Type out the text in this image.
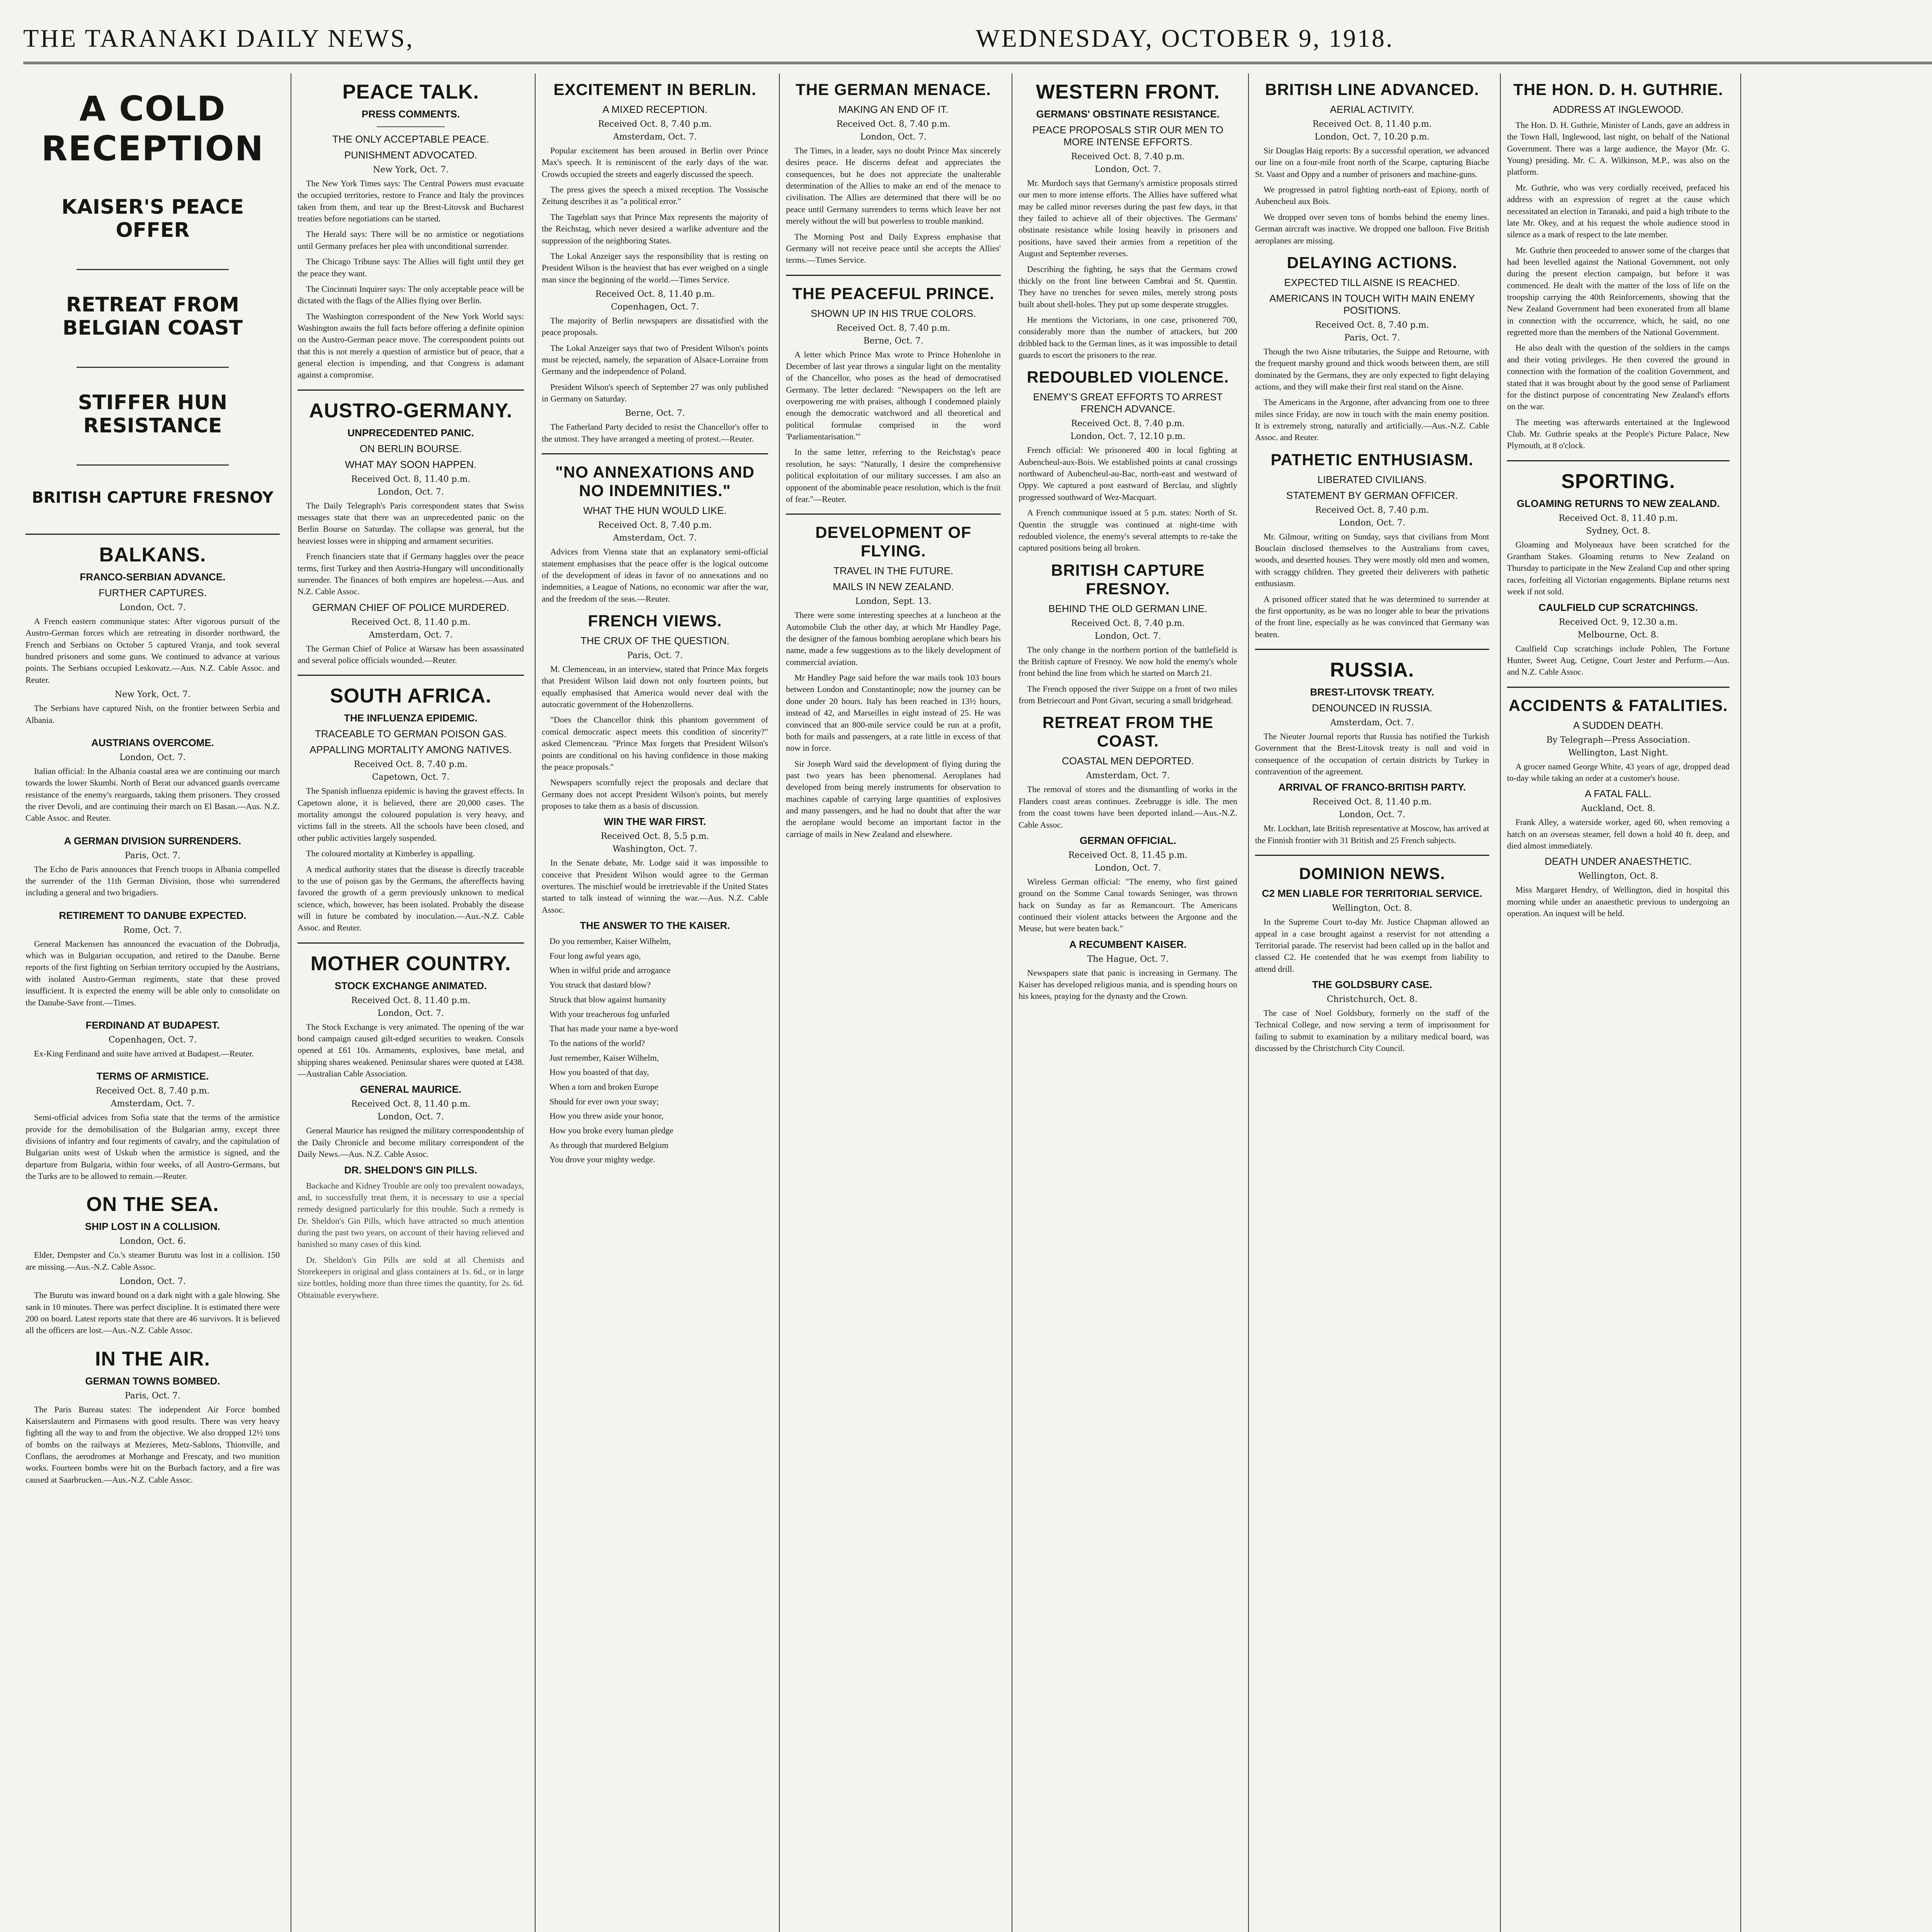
THE TARANAKI DAILY NEWS,	WEDNESDAY, OCTOBER 9, 1918.
A COLD RECEPTION
KAISER'S PEACE OFFER
RETREAT FROM BELGIAN COAST
STIFFER HUN RESISTANCE
BRITISH CAPTURE FRESNOY
BALKANS.
FRANCO-SERBIAN ADVANCE.
FURTHER CAPTURES.
London, Oct. 7.

A French eastern communique states: After vigorous pursuit of the Austro-German forces which are retreating in disorder northward, the French and Serbians on October 5 captured Vranja, and took several hundred prisoners and some guns. We continued to advance at various points. The Serbians occupied Leskovatz.—Aus. N.Z. Cable Assoc. and Reuter.

New York, Oct. 7.

The Serbians have captured Nish, on the frontier between Serbia and Albania.

AUSTRIANS OVERCOME.
London, Oct. 7.

Italian official: In the Albania coastal area we are continuing our march towards the lower Skumbi. North of Berat our advanced guards overcame resistance of the enemy's rearguards, taking them prisoners. They crossed the river Devoli, and are continuing their march on El Basan.—Aus. N.Z. Cable Assoc. and Reuter.

A GERMAN DIVISION SURRENDERS.
Paris, Oct. 7.

The Echo de Paris announces that French troops in Albania compelled the surrender of the 11th German Division, those who surrendered including a general and two brigadiers.

RETIREMENT TO DANUBE EXPECTED.
Rome, Oct. 7.

General Mackensen has announced the evacuation of the Dobrudja, which was in Bulgarian occupation, and retired to the Danube. Berne reports of the first fighting on Serbian territory occupied by the Austrians, with isolated Austro-German regiments, state that these proved insufficient. It is expected the enemy will be able only to consolidate on the Danube-Save front.—Times.

FERDINAND AT BUDAPEST.
Copenhagen, Oct. 7.

Ex-King Ferdinand and suite have arrived at Budapest.—Reuter.

TERMS OF ARMISTICE.
Received Oct. 8, 7.40 p.m.
Amsterdam, Oct. 7.

Semi-official advices from Sofia state that the terms of the armistice provide for the demobilisation of the Bulgarian army, except three divisions of infantry and four regiments of cavalry, and the capitulation of Bulgarian units west of Uskub when the armistice is signed, and the departure from Bulgaria, within four weeks, of all Austro-Germans, but the Turks are to be allowed to remain.—Reuter.

ON THE SEA.
SHIP LOST IN A COLLISION.
London, Oct. 6.

Elder, Dempster and Co.'s steamer Burutu was lost in a collision. 150 are missing.—Aus.-N.Z. Cable Assoc.

London, Oct. 7.

The Burutu was inward bound on a dark night with a gale blowing. She sank in 10 minutes. There was perfect discipline. It is estimated there were 200 on board. Latest reports state that there are 46 survivors. It is believed all the officers are lost.—Aus.-N.Z. Cable Assoc.

IN THE AIR.
GERMAN TOWNS BOMBED.
Paris, Oct. 7.

The Paris Bureau states: The independent Air Force bombed Kaiserslautern and Pirmasens with good results. There was very heavy fighting all the way to and from the objective. We also dropped 12½ tons of bombs on the railways at Mezieres, Metz-Sablons, Thionville, and Conflans, the aerodromes at Morhange and Frescaty, and two munition works. Fourteen bombs were hit on the Burbach factory, and a fire was caused at Saarbrucken.—Aus.-N.Z. Cable Assoc.

PEACE TALK.
PRESS COMMENTS.
THE ONLY ACCEPTABLE PEACE.
PUNISHMENT ADVOCATED.
New York, Oct. 7.

The New York Times says: The Central Powers must evacuate the occupied territories, restore to France and Italy the provinces taken from them, and tear up the Brest-Litovsk and Bucharest treaties before negotiations can be started.

The Herald says: There will be no armistice or negotiations until Germany prefaces her plea with unconditional surrender.

The Chicago Tribune says: The Allies will fight until they get the peace they want.

The Cincinnati Inquirer says: The only acceptable peace will be dictated with the flags of the Allies flying over Berlin.

The Washington correspondent of the New York World says: Washington awaits the full facts before offering a definite opinion on the Austro-German peace move. The correspondent points out that this is not merely a question of armistice but of peace, that a general election is impending, and that Congress is adamant against a compromise.

AUSTRO-GERMANY.
UNPRECEDENTED PANIC.
ON BERLIN BOURSE.
WHAT MAY SOON HAPPEN.
Received Oct. 8, 11.40 p.m.
London, Oct. 7.

The Daily Telegraph's Paris correspondent states that Swiss messages state that there was an unprecedented panic on the Berlin Bourse on Saturday. The collapse was general, but the heaviest losses were in shipping and armament securities.

French financiers state that if Germany haggles over the peace terms, first Turkey and then Austria-Hungary will unconditionally surrender. The finances of both empires are hopeless.—Aus. and N.Z. Cable Assoc.

GERMAN CHIEF OF POLICE MURDERED.
Received Oct. 8, 11.40 p.m.
Amsterdam, Oct. 7.

The German Chief of Police at Warsaw has been assassinated and several police officials wounded.—Reuter.

SOUTH AFRICA.
THE INFLUENZA EPIDEMIC.
TRACEABLE TO GERMAN POISON GAS.
APPALLING MORTALITY AMONG NATIVES.
Received Oct. 8, 7.40 p.m.
Capetown, Oct. 7.

The Spanish influenza epidemic is having the gravest effects. In Capetown alone, it is believed, there are 20,000 cases. The mortality amongst the coloured population is very heavy, and victims fall in the streets. All the schools have been closed, and other public activities largely suspended.

The coloured mortality at Kimberley is appalling.

A medical authority states that the disease is directly traceable to the use of poison gas by the Germans, the aftereffects having favored the growth of a germ previously unknown to medical science, which, however, has been isolated. Probably the disease will in future be combated by inoculation.—Aus.-N.Z. Cable Assoc. and Reuter.

MOTHER COUNTRY.
STOCK EXCHANGE ANIMATED.
Received Oct. 8, 11.40 p.m.
London, Oct. 7.

The Stock Exchange is very animated. The opening of the war bond campaign caused gilt-edged securities to weaken. Consols opened at £61 10s. Armaments, explosives, base metal, and shipping shares weakened. Peninsular shares were quoted at £438.—Australian Cable Association.

GENERAL MAURICE.
Received Oct. 8, 11.40 p.m.
London, Oct. 7.

General Maurice has resigned the military correspondentship of the Daily Chronicle and become military correspondent of the Daily News.—Aus. N.Z. Cable Assoc.

DR. SHELDON'S GIN PILLS.

Backache and Kidney Trouble are only too prevalent nowadays, and, to successfully treat them, it is necessary to use a special remedy designed particularly for this trouble. Such a remedy is Dr. Sheldon's Gin Pills, which have attracted so much attention during the past two years, on account of their having relieved and banished so many cases of this kind.

Dr. Sheldon's Gin Pills are sold at all Chemists and Storekeepers in original and glass containers at 1s. 6d., or in large size bottles, holding more than three times the quantity, for 2s. 6d. Obtainable everywhere.

EXCITEMENT IN BERLIN.
A MIXED RECEPTION.
Received Oct. 8, 7.40 p.m.
Amsterdam, Oct. 7.

Popular excitement has been aroused in Berlin over Prince Max's speech. It is reminiscent of the early days of the war. Crowds occupied the streets and eagerly discussed the speech.

The press gives the speech a mixed reception. The Vossische Zeitung describes it as "a political error."

The Tageblatt says that Prince Max represents the majority of the Reichstag, which never desired a warlike adventure and the suppression of the neighboring States.

The Lokal Anzeiger says the responsibility that is resting on President Wilson is the heaviest that has ever weighed on a single man since the beginning of the world.—Times Service.

Received Oct. 8, 11.40 p.m.
Copenhagen, Oct. 7.

The majority of Berlin newspapers are dissatisfied with the peace proposals.

The Lokal Anzeiger says that two of President Wilson's points must be rejected, namely, the separation of Alsace-Lorraine from Germany and the independence of Poland.

President Wilson's speech of September 27 was only published in Germany on Saturday.

Berne, Oct. 7.

The Fatherland Party decided to resist the Chancellor's offer to the utmost. They have arranged a meeting of protest.—Reuter.

"NO ANNEXATIONS AND NO INDEMNITIES."
WHAT THE HUN WOULD LIKE.
Received Oct. 8, 7.40 p.m.
Amsterdam, Oct. 7.

Advices from Vienna state that an explanatory semi-official statement emphasises that the peace offer is the logical outcome of the development of ideas in favor of no annexations and no indemnities, a League of Nations, no economic war after the war, and the freedom of the seas.—Reuter.

FRENCH VIEWS.
THE CRUX OF THE QUESTION.
Paris, Oct. 7.

M. Clemenceau, in an interview, stated that Prince Max forgets that President Wilson laid down not only fourteen points, but equally emphasised that America would never deal with the autocratic government of the Hohenzollerns.

"Does the Chancellor think this phantom government of comical democratic aspect meets this condition of sincerity?" asked Clemenceau. "Prince Max forgets that President Wilson's points are conditional on his having confidence in those making the peace proposals."

Newspapers scornfully reject the proposals and declare that Germany does not accept President Wilson's points, but merely proposes to take them as a basis of discussion.

WIN THE WAR FIRST.
Received Oct. 8, 5.5 p.m.
Washington, Oct. 7.

In the Senate debate, Mr. Lodge said it was impossible to conceive that President Wilson would agree to the German overtures. The mischief would be irretrievable if the United States started to talk instead of winning the war.—Aus. N.Z. Cable Assoc.

THE ANSWER TO THE KAISER.
Do you remember, Kaiser Wilhelm,
Four long awful years ago,
When in wilful pride and arrogance
You struck that dastard blow?
Struck that blow against humanity
With your treacherous fog unfurled
That has made your name a bye-word
To the nations of the world?
Just remember, Kaiser Wilhelm,
How you boasted of that day,
When a torn and broken Europe
Should for ever own your sway;
How you threw aside your honor,
How you broke every human pledge
As through that murdered Belgium
You drove your mighty wedge.
THE GERMAN MENACE.
MAKING AN END OF IT.
Received Oct. 8, 7.40 p.m.
London, Oct. 7.

The Times, in a leader, says no doubt Prince Max sincerely desires peace. He discerns defeat and appreciates the consequences, but he does not appreciate the unalterable determination of the Allies to make an end of the menace to civilisation. The Allies are determined that there will be no peace until Germany surrenders to terms which leave her not merely without the will but powerless to trouble mankind.

The Morning Post and Daily Express emphasise that Germany will not receive peace until she accepts the Allies' terms.—Times Service.

THE PEACEFUL PRINCE.
SHOWN UP IN HIS TRUE COLORS.
Received Oct. 8, 7.40 p.m.
Berne, Oct. 7.

A letter which Prince Max wrote to Prince Hohenlohe in December of last year throws a singular light on the mentality of the Chancellor, who poses as the head of democratised Germany. The letter declared: "Newspapers on the left are overpowering me with praises, although I condemned plainly enough the democratic watchword and all theoretical and political formulae comprised in the word 'Parliamentarisation.'"

In the same letter, referring to the Reichstag's peace resolution, he says: "Naturally, I desire the comprehensive political exploitation of our military successes. I am also an opponent of the abominable peace resolution, which is the fruit of fear."—Reuter.

DEVELOPMENT OF FLYING.
TRAVEL IN THE FUTURE.
MAILS IN NEW ZEALAND.
London, Sept. 13.

There were some interesting speeches at a luncheon at the Automobile Club the other day, at which Mr Handley Page, the designer of the famous bombing aeroplane which bears his name, made a few suggestions as to the likely development of commercial aviation.

Mr Handley Page said before the war mails took 103 hours between London and Constantinople; now the journey can be done under 20 hours. Italy has been reached in 13½ hours, instead of 42, and Marseilles in eight instead of 25. He was convinced that an 800-mile service could be run at a profit, both for mails and passengers, at a rate little in excess of that now in force.

Sir Joseph Ward said the development of flying during the past two years has been phenomenal. Aeroplanes had developed from being merely instruments for observation to machines capable of carrying large quantities of explosives and many passengers, and he had no doubt that after the war the aeroplane would become an important factor in the carriage of mails in New Zealand and elsewhere.

WESTERN FRONT.
GERMANS' OBSTINATE RESISTANCE.
PEACE PROPOSALS STIR OUR MEN TO MORE INTENSE EFFORTS.
Received Oct. 8, 7.40 p.m.
London, Oct. 7.

Mr. Murdoch says that Germany's armistice proposals stirred our men to more intense efforts. The Allies have suffered what may be called minor reverses during the past few days, in that they failed to achieve all of their objectives. The Germans' obstinate resistance while losing heavily in prisoners and positions, have saved their armies from a repetition of the August and September reverses.

Describing the fighting, he says that the Germans crowd thickly on the front line between Cambrai and St. Quentin. They have no trenches for seven miles, merely strong posts built about shell-holes. They put up some desperate struggles.

He mentions the Victorians, in one case, prisonered 700, considerably more than the number of attackers, but 200 dribbled back to the German lines, as it was impossible to detail guards to escort the prisoners to the rear.

REDOUBLED VIOLENCE.
ENEMY'S GREAT EFFORTS TO ARREST FRENCH ADVANCE.
Received Oct. 8, 7.40 p.m.
London, Oct. 7, 12.10 p.m.

French official: We prisonered 400 in local fighting at Aubencheul-aux-Bois. We established points at canal crossings northward of Aubencheul-au-Bac, north-east and westward of Oppy. We captured a post eastward of Berclau, and slightly progressed southward of Wez-Macquart.

A French communique issued at 5 p.m. states: North of St. Quentin the struggle was continued at night-time with redoubled violence, the enemy's several attempts to re-take the captured positions being all broken.

BRITISH CAPTURE FRESNOY.
BEHIND THE OLD GERMAN LINE.
Received Oct. 8, 7.40 p.m.
London, Oct. 7.

The only change in the northern portion of the battlefield is the British capture of Fresnoy. We now hold the enemy's whole front behind the line from which he started on March 21.

The French opposed the river Suippe on a front of two miles from Betriecourt and Pont Givart, securing a small bridgehead.

RETREAT FROM THE COAST.
COASTAL MEN DEPORTED.
Amsterdam, Oct. 7.

The removal of stores and the dismantling of works in the Flanders coast areas continues. Zeebrugge is idle. The men from the coast towns have been deported inland.—Aus.-N.Z. Cable Assoc.

GERMAN OFFICIAL.
Received Oct. 8, 11.45 p.m.
London, Oct. 7.

Wireless German official: "The enemy, who first gained ground on the Somme Canal towards Seninger, was thrown back on Sunday as far as Remancourt. The Americans continued their violent attacks between the Argonne and the Meuse, but were beaten back."

A RECUMBENT KAISER.
The Hague, Oct. 7.

Newspapers state that panic is increasing in Germany. The Kaiser has developed religious mania, and is spending hours on his knees, praying for the dynasty and the Crown.

BRITISH LINE ADVANCED.
AERIAL ACTIVITY.
Received Oct. 8, 11.40 p.m.
London, Oct. 7, 10.20 p.m.

Sir Douglas Haig reports: By a successful operation, we advanced our line on a four-mile front north of the Scarpe, capturing Biache St. Vaast and Oppy and a number of prisoners and machine-guns.

We progressed in patrol fighting north-east of Epiony, north of Aubencheul aux Bois.

We dropped over seven tons of bombs behind the enemy lines. German aircraft was inactive. We dropped one balloon. Five British aeroplanes are missing.

DELAYING ACTIONS.
EXPECTED TILL AISNE IS REACHED.
AMERICANS IN TOUCH WITH MAIN ENEMY POSITIONS.
Received Oct. 8, 7.40 p.m.
Paris, Oct. 7.

Though the two Aisne tributaries, the Suippe and Retourne, with the frequent marshy ground and thick woods between them, are still dominated by the Germans, they are only expected to fight delaying actions, and they will make their first real stand on the Aisne.

The Americans in the Argonne, after advancing from one to three miles since Friday, are now in touch with the main enemy position. It is extremely strong, naturally and artificially.—Aus.-N.Z. Cable Assoc. and Reuter.

PATHETIC ENTHUSIASM.
LIBERATED CIVILIANS.
STATEMENT BY GERMAN OFFICER.
Received Oct. 8, 7.40 p.m.
London, Oct. 7.

Mr. Gilmour, writing on Sunday, says that civilians from Mont Bouclain disclosed themselves to the Australians from caves, woods, and deserted houses. They were mostly old men and women, with scraggy children. They greeted their deliverers with pathetic enthusiasm.

A prisoned officer stated that he was determined to surrender at the first opportunity, as he was no longer able to bear the privations of the front line, especially as he was convinced that Germany was beaten.

RUSSIA.
BREST-LITOVSK TREATY.
DENOUNCED IN RUSSIA.
Amsterdam, Oct. 7.

The Nieuter Journal reports that Russia has notified the Turkish Government that the Brest-Litovsk treaty is null and void in consequence of the occupation of certain districts by Turkey in contravention of the agreement.

ARRIVAL OF FRANCO-BRITISH PARTY.
Received Oct. 8, 11.40 p.m.
London, Oct. 7.

Mr. Lockhart, late British representative at Moscow, has arrived at the Finnish frontier with 31 British and 25 French subjects.

DOMINION NEWS.
C2 MEN LIABLE FOR TERRITORIAL SERVICE.
Wellington, Oct. 8.

In the Supreme Court to-day Mr. Justice Chapman allowed an appeal in a case brought against a reservist for not attending a Territorial parade. The reservist had been called up in the ballot and classed C2. He contended that he was exempt from liability to attend drill.

THE GOLDSBURY CASE.
Christchurch, Oct. 8.

The case of Noel Goldsbury, formerly on the staff of the Technical College, and now serving a term of imprisonment for failing to submit to examination by a military medical board, was discussed by the Christchurch City Council.

THE HON. D. H. GUTHRIE.
ADDRESS AT INGLEWOOD.

The Hon. D. H. Guthrie, Minister of Lands, gave an address in the Town Hall, Inglewood, last night, on behalf of the National Government. There was a large audience, the Mayor (Mr. G. Young) presiding. Mr. C. A. Wilkinson, M.P., was also on the platform.

Mr. Guthrie, who was very cordially received, prefaced his address with an expression of regret at the cause which necessitated an election in Taranaki, and paid a high tribute to the late Mr. Okey, and at his request the whole audience stood in silence as a mark of respect to the late member.

Mr. Guthrie then proceeded to answer some of the charges that had been levelled against the National Government, not only during the present election campaign, but before it was commenced. He dealt with the matter of the loss of life on the troopship carrying the 40th Reinforcements, showing that the New Zealand Government had been exonerated from all blame in connection with the occurrence, which, he said, no one regretted more than the members of the National Government.

He also dealt with the question of the soldiers in the camps and their voting privileges. He then covered the ground in connection with the formation of the coalition Government, and stated that it was brought about by the good sense of Parliament for the distinct purpose of concentrating New Zealand's efforts on the war.

The meeting was afterwards entertained at the Inglewood Club. Mr. Guthrie speaks at the People's Picture Palace, New Plymouth, at 8 o'clock.

SPORTING.
GLOAMING RETURNS TO NEW ZEALAND.
Received Oct. 8, 11.40 p.m.
Sydney, Oct. 8.

Gloaming and Molyneaux have been scratched for the Grantham Stakes. Gloaming returns to New Zealand on Thursday to participate in the New Zealand Cup and other spring races, forfeiting all Victorian engagements. Biplane returns next week if not sold.

CAULFIELD CUP SCRATCHINGS.
Received Oct. 9, 12.30 a.m.
Melbourne, Oct. 8.

Caulfield Cup scratchings include Pohlen, The Fortune Hunter, Sweet Aug, Cetigne, Court Jester and Perform.—Aus. and N.Z. Cable Assoc.

ACCIDENTS & FATALITIES.
A SUDDEN DEATH.
By Telegraph—Press Association.
Wellington, Last Night.

A grocer named George White, 43 years of age, dropped dead to-day while taking an order at a customer's house.

A FATAL FALL.
Auckland, Oct. 8.

Frank Alley, a waterside worker, aged 60, when removing a hatch on an overseas steamer, fell down a hold 40 ft. deep, and died almost immediately.

DEATH UNDER ANAESTHETIC.
Wellington, Oct. 8.

Miss Margaret Hendry, of Wellington, died in hospital this morning while under an anaesthetic previous to undergoing an operation. An inquest will be held.
